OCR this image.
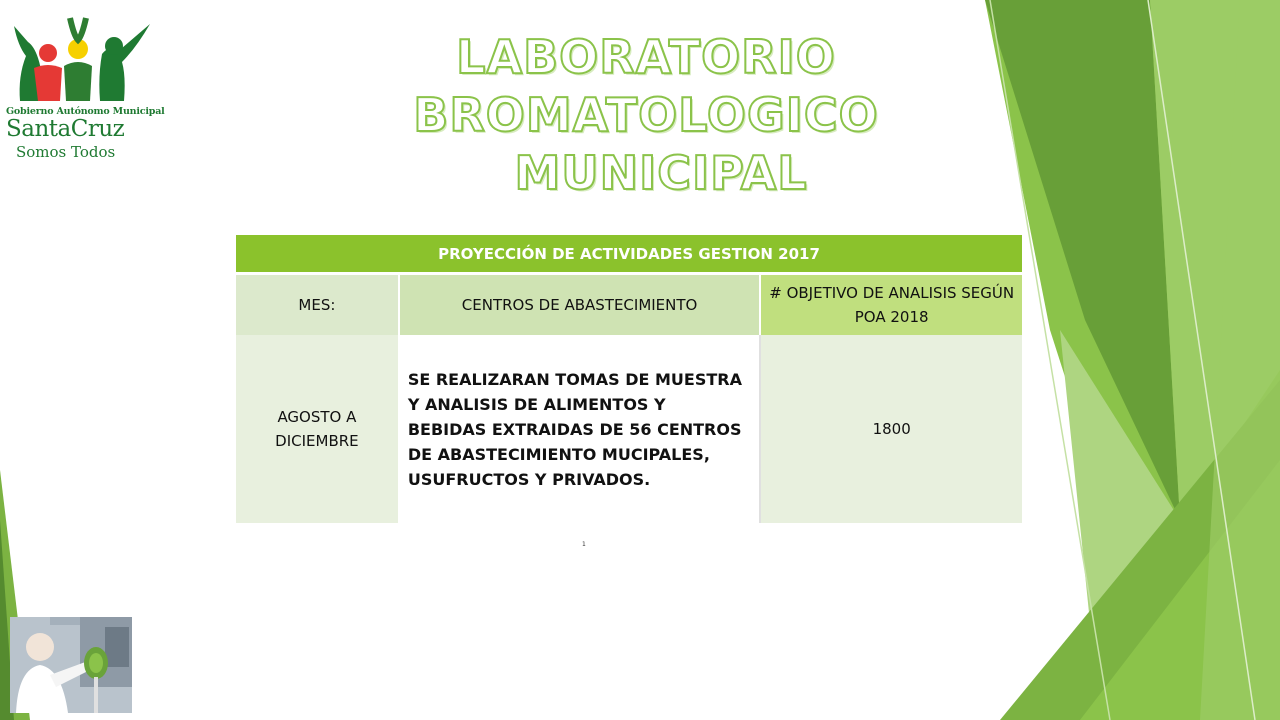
Gobierno Autónomo Municipal
SantaCruz
Somos Todos
LABORATORIO BROMATOLOGICO
MUNICIPAL
PROYECCIÓN DE ACTIVIDADES GESTION 2017		
MES:	CENTROS DE ABASTECIMIENTO	# OBJETIVO DE ANALISIS SEGÚN POA 2018
AGOSTO A DICIEMBRE	SE REALIZARAN TOMAS DE MUESTRA Y ANALISIS DE ALIMENTOS Y BEBIDAS EXTRAIDAS DE 56 CENTROS DE ABASTECIMIENTO MUCIPALES, USUFRUCTOS Y PRIVADOS.	1800
1
